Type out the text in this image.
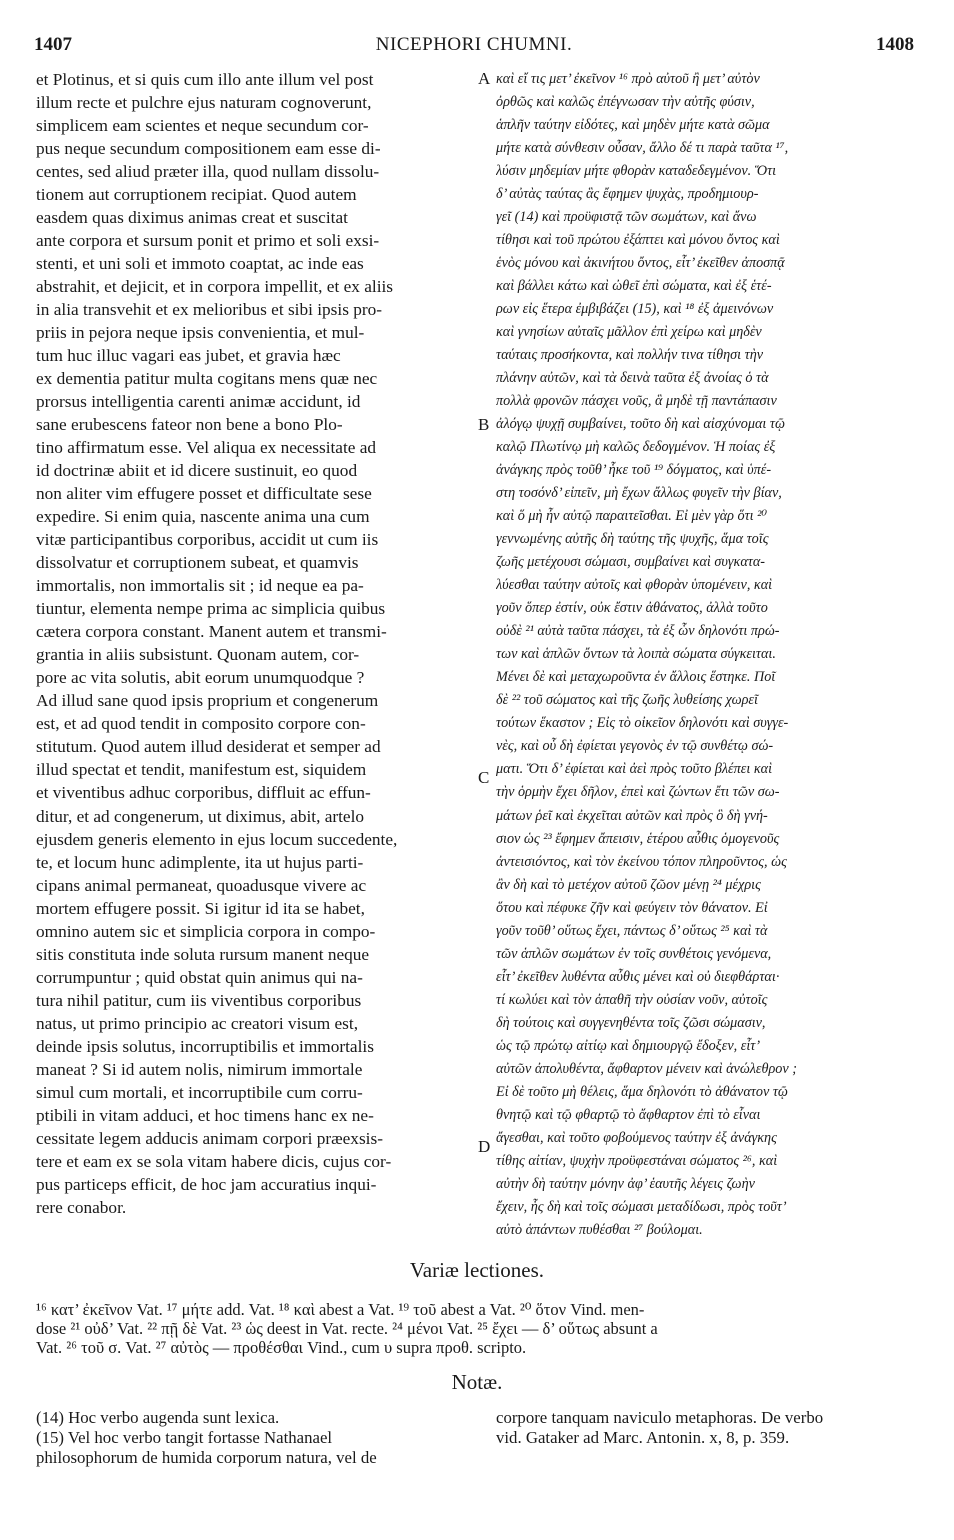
1407	NICEPHORI CHUMNI.	1408
et Plotinus, et si quis cum illo ante illum vel post
illum recte et pulchre ejus naturam cognoverunt,
simplicem eam scientes et neque secundum cor-
pus neque secundum compositionem eam esse di-
centes, sed aliud præter illa, quod nullam dissolu-
tionem aut corruptionem recipiat. Quod autem
easdem quas diximus animas creat et suscitat
ante corpora et sursum ponit et primo et soli exsi-
stenti, et uni soli et immoto coaptat, ac inde eas
abstrahit, et dejicit, et in corpora impellit, et ex aliis
in alia transvehit et ex melioribus et sibi ipsis pro-
priis in pejora neque ipsis convenientia, et mul-
tum huc illuc vagari eas jubet, et gravia hæc
ex dementia patitur multa cogitans mens quæ nec
prorsus intelligentia carenti animæ accidunt, id
sane erubescens fateor non bene a bono Plo-
tino affirmatum esse. Vel aliqua ex necessitate ad
id doctrinæ abiit et id dicere sustinuit, eo quod
non aliter vim effugere posset et difficultate sese
expedire. Si enim quia, nascente anima una cum
vitæ participantibus corporibus, accidit ut cum iis
dissolvatur et corruptionem subeat, et quamvis
immortalis, non immortalis sit ; id neque ea pa-
tiuntur, elementa nempe prima ac simplicia quibus
cætera corpora constant. Manent autem et transmi-
grantia in aliis subsistunt. Quonam autem, cor-
pore ac vita solutis, abit eorum unumquodque ?
Ad illud sane quod ipsis proprium et congenerum
est, et ad quod tendit in composito corpore con-
stitutum. Quod autem illud desiderat et semper ad
illud spectat et tendit, manifestum est, siquidem
et viventibus adhuc corporibus, diffluit ac effun-
ditur, et ad congenerum, ut diximus, abit, artelo
ejusdem generis elemento in ejus locum succedente,
te, et locum hunc adimplente, ita ut hujus parti-
cipans animal permaneat, quoadusque vivere ac
mortem effugere possit. Si igitur id ita se habet,
omnino autem sic et simplicia corpora in compo-
sitis constituta inde soluta rursum manent neque
corrumpuntur ; quid obstat quin animus qui na-
tura nihil patitur, cum iis viventibus corporibus
natus, ut primo principio ac creatori visum est,
deinde ipsis solutus, incorruptibilis et immortalis
maneat ? Si id autem nolis, nimirum immortale
simul cum mortali, et incorruptibile cum corru-
ptibili in vitam adduci, et hoc timens hanc ex ne-
cessitate legem adducis animam corpori præexsis-
tere et eam ex se sola vitam habere dicis, cujus cor-
pus particeps efficit, de hoc jam accuratius inqui-
rere conabor.
καὶ εἴ τις μετ’ ἐκεῖνον ¹⁶ πρὸ αὐτοῦ ἢ μετ’ αὐτὸν
ὀρθῶς καὶ καλῶς ἐπέγνωσαν τὴν αὐτῆς φύσιν,
ἁπλῆν ταύτην εἰδότες, καὶ μηδὲν μήτε κατὰ σῶμα
μήτε κατὰ σύνθεσιν οὖσαν, ἄλλο δέ τι παρὰ ταῦτα ¹⁷,
λύσιν μηδεμίαν μήτε φθορὰν καταδεδεγμένον. Ὅτι
δ’ αὐτὰς ταύτας ἃς ἔφημεν ψυχὰς, προδημιουρ-
γεῖ (14) καὶ προϋφιστᾷ τῶν σωμάτων, καὶ ἄνω
τίθησι καὶ τοῦ πρώτου ἐξάπτει καὶ μόνου ὄντος καὶ
ἑνὸς μόνου καὶ ἀκινήτου ὄντος, εἶτ’ ἐκεῖθεν ἀποσπᾷ
καὶ βάλλει κάτω καὶ ὠθεῖ ἐπὶ σώματα, καὶ ἐξ ἑτέ-
ρων εἰς ἕτερα ἐμβιβάζει (15), καὶ ¹⁸ ἐξ ἀμεινόνων
καὶ γνησίων αὐταῖς μᾶλλον ἐπὶ χείρω καὶ μηδὲν
ταύταις προσήκοντα, καὶ πολλήν τινα τίθησι τὴν
πλάνην αὐτῶν, καὶ τὰ δεινὰ ταῦτα ἐξ ἀνοίας ὁ τὰ
πολλὰ φρονῶν πάσχει νοῦς, ἃ μηδὲ τῇ παντάπασιν
ἀλόγῳ ψυχῇ συμβαίνει, τοῦτο δὴ καὶ αἰσχύνομαι τῷ
καλῷ Πλωτίνῳ μὴ καλῶς δεδογμένον. Ἡ ποίας ἐξ
ἀνάγκης πρὸς τοῦθ’ ἧκε τοῦ ¹⁹ δόγματος, καὶ ὑπέ-
στη τοσόνδ’ εἰπεῖν, μὴ ἔχων ἄλλως φυγεῖν τὴν βίαν,
καὶ ὅ μὴ ἦν αὐτῷ παραιτεῖσθαι. Εἰ μὲν γὰρ ὅτι ²⁰
γεννωμένης αὐτῆς δὴ ταύτης τῆς ψυχῆς, ἅμα τοῖς
ζωῆς μετέχουσι σώμασι, συμβαίνει καὶ συγκατα-
λύεσθαι ταύτην αὐτοῖς καὶ φθορὰν ὑπομένειν, καὶ
γοῦν ὅπερ ἐστίν, οὐκ ἔστιν ἀθάνατος, ἀλλὰ τοῦτο
οὐδὲ ²¹ αὐτὰ ταῦτα πάσχει, τὰ ἐξ ὧν δηλονότι πρώ-
των καὶ ἁπλῶν ὄντων τὰ λοιπὰ σώματα σύγκειται.
Μένει δὲ καὶ μεταχωροῦντα ἐν ἄλλοις ἕστηκε. Ποῖ
δὲ ²² τοῦ σώματος καὶ τῆς ζωῆς λυθείσης χωρεῖ
τούτων ἕκαστον ; Εἰς τὸ οἰκεῖον δηλονότι καὶ συγγε-
νὲς, καὶ οὗ δὴ ἐφίεται γεγονὸς ἐν τῷ συνθέτῳ σώ-
ματι. Ὅτι δ’ ἐφίεται καὶ ἀεὶ πρὸς τοῦτο βλέπει καὶ
τὴν ὁρμὴν ἔχει δῆλον, ἐπεὶ καὶ ζώντων ἔτι τῶν σω-
μάτων ῥεῖ καὶ ἐκχεῖται αὐτῶν καὶ πρὸς ὃ δὴ γνή-
σιον ὡς ²³ ἔφημεν ἄπεισιν, ἑτέρου αὖθις ὁμογενοῦς
ἀντεισιόντος, καὶ τὸν ἐκείνου τόπον πληροῦντος, ὡς
ἂν δὴ καὶ τὸ μετέχον αὐτοῦ ζῶον μένῃ ²⁴ μέχρις
ὅτου καὶ πέφυκε ζῆν καὶ φεύγειν τὸν θάνατον. Εἰ
γοῦν τοῦθ’ οὕτως ἔχει, πάντως δ’ οὕτως ²⁵ καὶ τὰ
τῶν ἁπλῶν σωμάτων ἐν τοῖς συνθέτοις γενόμενα,
εἶτ’ ἐκεῖθεν λυθέντα αὖθις μένει καὶ οὐ διεφθάρται·
τί κωλύει καὶ τὸν ἀπαθῆ τὴν οὐσίαν νοῦν, αὐτοῖς
δὴ τούτοις καὶ συγγενηθέντα τοῖς ζῶσι σώμασιν,
ὡς τῷ πρώτῳ αἰτίῳ καὶ δημιουργῷ ἔδοξεν, εἶτ’
αὐτῶν ἀπολυθέντα, ἄφθαρτον μένειν καὶ ἀνώλεθρον ;
Εἰ δὲ τοῦτο μὴ θέλεις, ἅμα δηλονότι τὸ ἀθάνατον τῷ
θνητῷ καὶ τῷ φθαρτῷ τὸ ἄφθαρτον ἐπὶ τὸ εἶναι
ἄγεσθαι, καὶ τοῦτο φοβούμενος ταύτην ἐξ ἀνάγκης
τίθης αἰτίαν, ψυχὴν προϋφεστάναι σώματος ²⁶, καὶ
αὐτὴν δὴ ταύτην μόνην ἀφ’ ἑαυτῆς λέγεις ζωὴν
ἔχειν, ἧς δὴ καὶ τοῖς σώμασι μεταδίδωσι, πρὸς τοῦτ’
αὐτὸ ἁπάντων πυθέσθαι ²⁷ βούλομαι.
A
B
C
D
Variæ lectiones.
¹⁶ κατ’ ἐκεῖνον Vat. ¹⁷ μήτε add. Vat. ¹⁸ καὶ abest a Vat. ¹⁹ τοῦ abest a Vat. ²⁰ ὅτον Vind. men-
dose ²¹ οὐδ’ Vat. ²² πῇ δὲ Vat. ²³ ὡς deest in Vat. recte. ²⁴ μένοι Vat. ²⁵ ἔχει — δ’ οὕτως absunt a
Vat. ²⁶ τοῦ σ. Vat. ²⁷ αὐτὸς — προθέσθαι Vind., cum υ supra προθ. scripto.
Notæ.
(14) Hoc verbo augenda sunt lexica.
(15) Vel hoc verbo tangit fortasse Nathanael
philosophorum de humida corporum natura, vel de
corpore tanquam naviculo metaphoras. De verbo
vid. Gataker ad Marc. Antonin. x, 8, p. 359.
